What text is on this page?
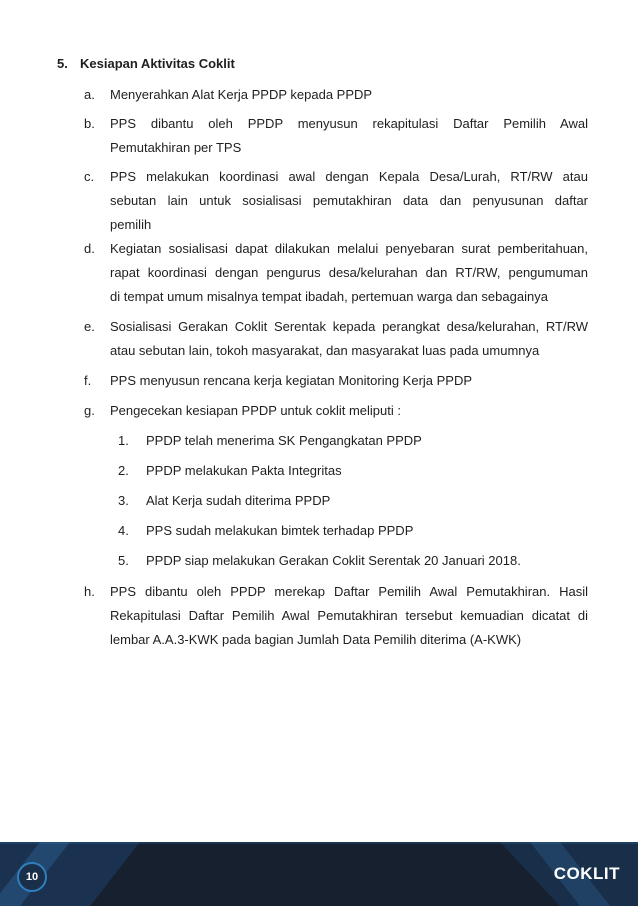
5. Kesiapan Aktivitas Coklit
a. Menyerahkan Alat Kerja PPDP kepada PPDP
b. PPS dibantu oleh PPDP menyusun rekapitulasi Daftar Pemilih Awal
Pemutakhiran per TPS
c. PPS melakukan koordinasi awal dengan Kepala Desa/Lurah, RT/RW atau
sebutan lain untuk sosialisasi pemutakhiran data dan penyusunan daftar
pemilih
d. Kegiatan sosialisasi dapat dilakukan melalui penyebaran surat pemberitahuan,
rapat koordinasi dengan pengurus desa/kelurahan dan RT/RW, pengumuman
di tempat umum misalnya tempat ibadah, pertemuan warga dan sebagainya
e. Sosialisasi Gerakan Coklit Serentak kepada perangkat desa/kelurahan, RT/RW
atau sebutan lain, tokoh masyarakat, dan masyarakat luas pada umumnya
f. PPS menyusun rencana kerja kegiatan Monitoring Kerja PPDP
g. Pengecekan kesiapan PPDP untuk coklit meliputi :
1. PPDP telah menerima SK Pengangkatan PPDP
2. PPDP melakukan Pakta Integritas
3. Alat Kerja sudah diterima PPDP
4. PPS sudah melakukan bimtek terhadap PPDP
5. PPDP siap melakukan Gerakan Coklit Serentak 20 Januari 2018.
h. PPS dibantu oleh PPDP merekap Daftar Pemilih Awal Pemutakhiran. Hasil
Rekapitulasi Daftar Pemilih Awal Pemutakhiran tersebut kemuadian dicatat di
lembar A.A.3-KWK pada bagian Jumlah Data Pemilih diterima (A-KWK)
10	COKLIT
